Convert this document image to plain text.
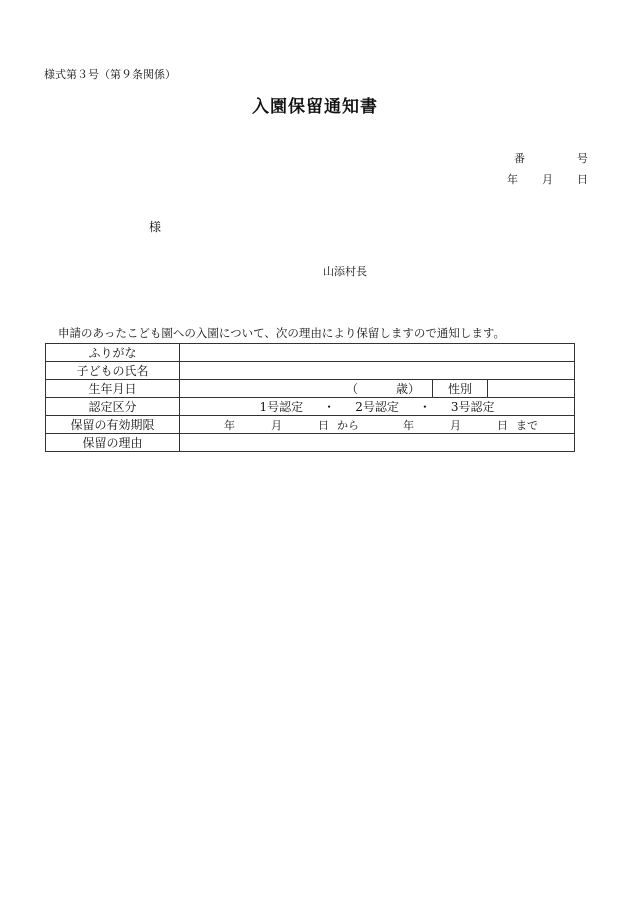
様式第３号（第９条関係）
入園保留通知書
番	号
年 月 日
様
山添村長
申請のあったこども園への入園について、次の理由により保留しますので通知します。
ふりがな			
子どもの氏名			
生年月日	（ 歳）	性別	
認定区分	1号認定 ・ 2号認定 ・ 3号認定		
保留の有効期限	年 月 日 から 年 月 日 まで		
保留の理由			
